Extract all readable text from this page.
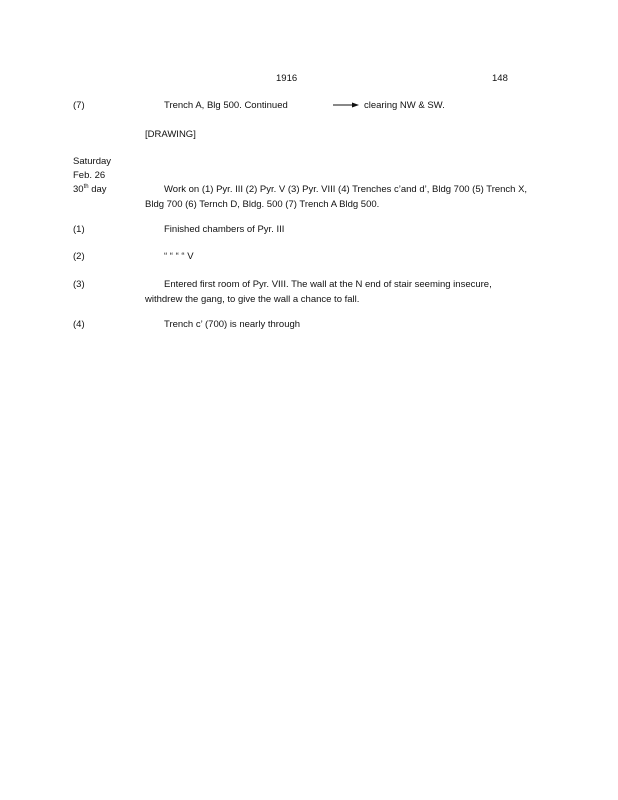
1916	148
(7)	Trench A, Blg 500. Continued	clearing NW & SW.
[DRAWING]
Saturday
Feb. 26
30th day	Work on (1) Pyr. III (2) Pyr. V (3) Pyr. VIII (4) Trenches c’and d’, Bldg 700 (5) Trench X,
Bldg 700 (6) Ternch D, Bldg. 500 (7) Trench A Bldg 500.
(1)	Finished chambers of Pyr. III
(2)	“ “ “ “ V
(3)	Entered first room of Pyr. VIII. The wall at the N end of stair seeming insecure,
withdrew the gang, to give the wall a chance to fall.
(4)	Trench c’ (700) is nearly through
